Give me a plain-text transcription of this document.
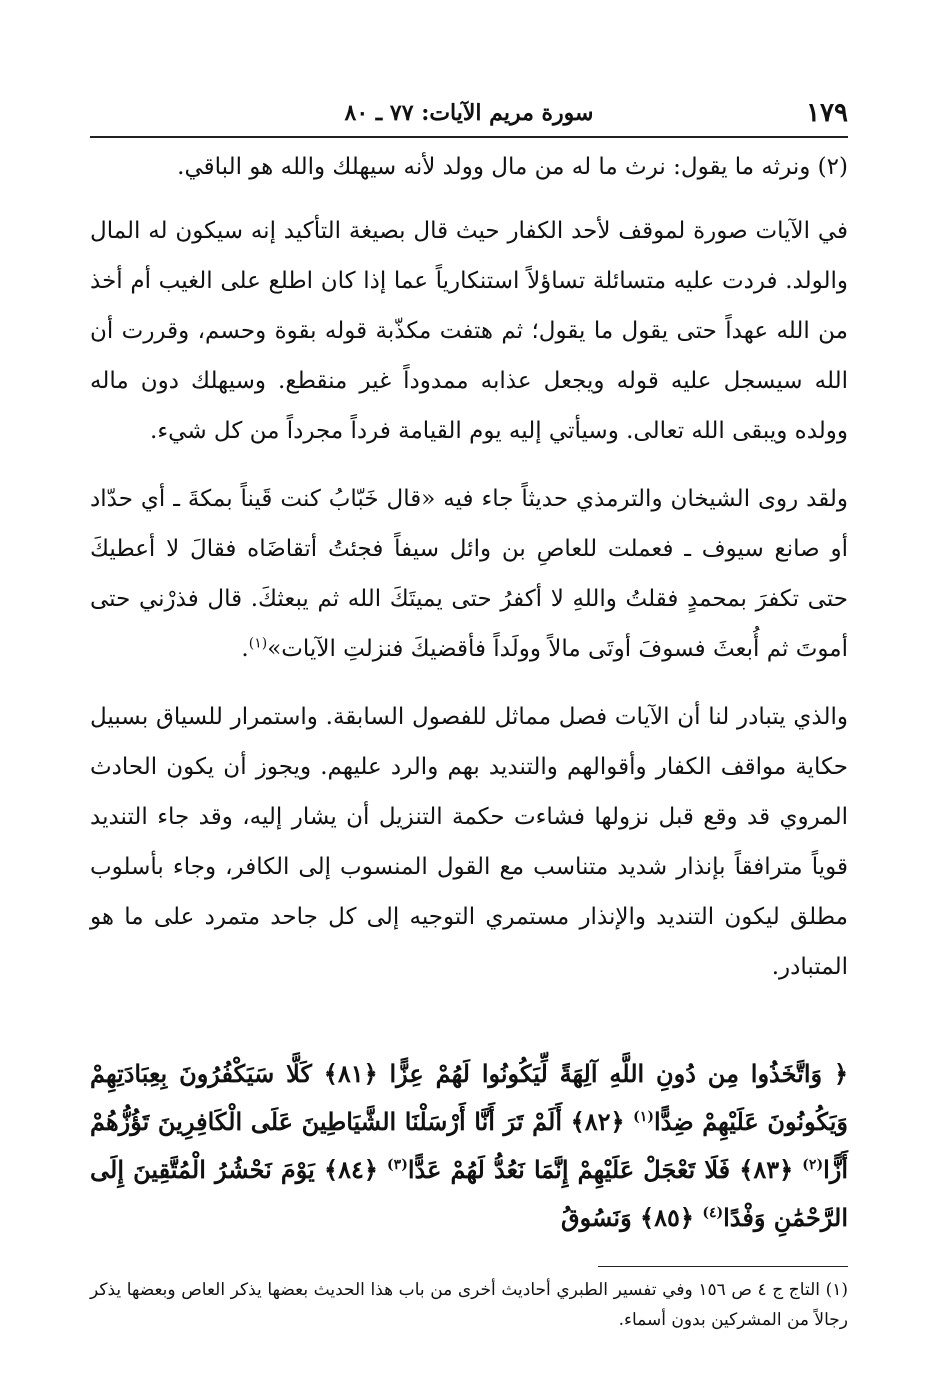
١٧٩
سورة مريم الآيات: ٧٧ ـ ٨٠

(٢) ونرثه ما يقول: نرث ما له من مال وولد لأنه سيهلك والله هو الباقي.

في الآيات صورة لموقف لأحد الكفار حيث قال بصيغة التأكيد إنه سيكون له المال والولد. فردت عليه متسائلة تساؤلاً استنكارياً عما إذا كان اطلع على الغيب أم أخذ من الله عهداً حتى يقول ما يقول؛ ثم هتفت مكذّبة قوله بقوة وحسم، وقررت أن الله سيسجل عليه قوله ويجعل عذابه ممدوداً غير منقطع. وسيهلك دون ماله وولده ويبقى الله تعالى. وسيأتي إليه يوم القيامة فرداً مجرداً من كل شيء.

ولقد روى الشيخان والترمذي حديثاً جاء فيه «قال خَبّابُ كنت قَيناً بمكةَ ـ أي حدّاد أو صانع سيوف ـ فعملت للعاصِ بن وائل سيفاً فجئتُ أتقاضَاه فقالَ لا أعطيكَ حتى تكفرَ بمحمدٍ فقلتُ واللهِ لا أكفرُ حتى يميتَكَ الله ثم يبعثكَ. قال فذرْني حتى أموتَ ثم أُبعثَ فسوفَ أوتَى مالاً وولَداً فأقضيكَ فنزلتِ الآيات»$^{(١)}$.

والذي يتبادر لنا أن الآيات فصل مماثل للفصول السابقة. واستمرار للسياق بسبيل حكاية مواقف الكفار وأقوالهم والتنديد بهم والرد عليهم. ويجوز أن يكون الحادث المروي قد وقع قبل نزولها فشاءت حكمة التنزيل أن يشار إليه، وقد جاء التنديد قوياً مترافقاً بإنذار شديد متناسب مع القول المنسوب إلى الكافر، وجاء بأسلوب مطلق ليكون التنديد والإنذار مستمري التوجيه إلى كل جاحد متمرد على ما هو المتبادر.

﴿ وَاتَّخَذُوا مِن دُونِ اللَّهِ آلِهَةً لِّيَكُونُوا لَهُمْ عِزًّا ﴿٨١﴾ كَلَّا سَيَكْفُرُونَ بِعِبَادَتِهِمْ وَيَكُونُونَ عَلَيْهِمْ ضِدًّا$^{(١)}$ ﴿٨٢﴾ أَلَمْ تَرَ أَنَّا أَرْسَلْنَا الشَّيَاطِينَ عَلَى الْكَافِرِينَ تَؤُزُّهُمْ أَزًّا$^{(٢)}$ ﴿٨٣﴾ فَلَا تَعْجَلْ عَلَيْهِمْ إِنَّمَا نَعُدُّ لَهُمْ عَدًّا$^{(٣)}$ ﴿٨٤﴾ يَوْمَ نَحْشُرُ الْمُتَّقِينَ إِلَى الرَّحْمَٰنِ وَفْدًا$^{(٤)}$ ﴿٨٥﴾ وَنَسُوقُ

(١) التاج ج ٤ ص ١٥٦ وفي تفسير الطبري أحاديث أخرى من باب هذا الحديث بعضها يذكر العاص وبعضها يذكر رجالاً من المشركين بدون أسماء.
